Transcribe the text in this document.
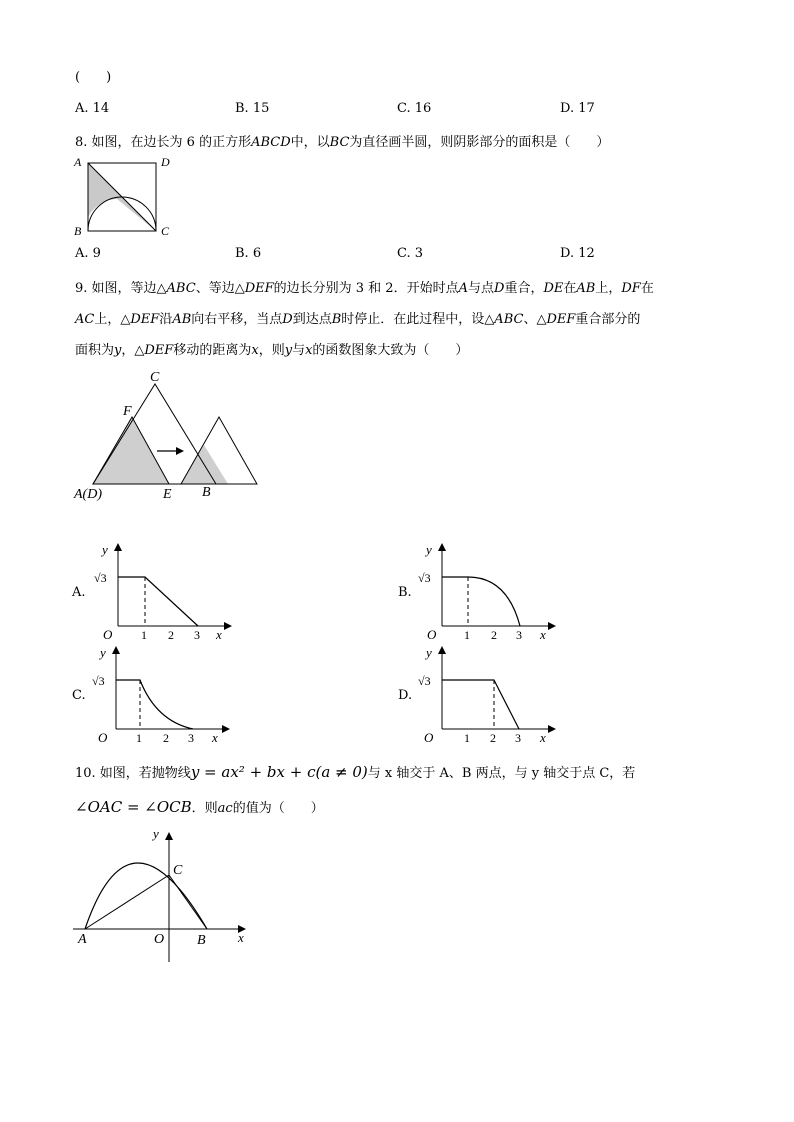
(　　)
A. 14	B. 15	C. 16	D. 17
8. 如图，在边长为 6 的正方形ABCD中，以BC为直径画半圆，则阴影部分的面积是（　　）
A	D
B	C
A. 9	B. 6	C. 3	D. 12
9. 如图，等边△ABC、等边△DEF的边长分别为 3 和 2．开始时点A与点D重合，DE在AB上，DF在
AC上，△DEF沿AB向右平移，当点D到达点B时停止．在此过程中，设△ABC、△DEF重合部分的
面积为y，△DEF移动的距离为x，则y与x的函数图象大致为（　　）
C
F
A(D)	E B
A.
y
√3
O 1 2 3 x
B.
y
√3
O 1 2 3 x
C.
y
√3
O 1 2 3 x
D.
y
√3
O	1 2 3 x
10. 如图，若抛物线y = ax² + bx + c(a ≠ 0)与 x 轴交于 A、B 两点，与 y 轴交于点 C，若
∠OAC = ∠OCB．则ac的值为（　　）
y
x
C
A	O B
